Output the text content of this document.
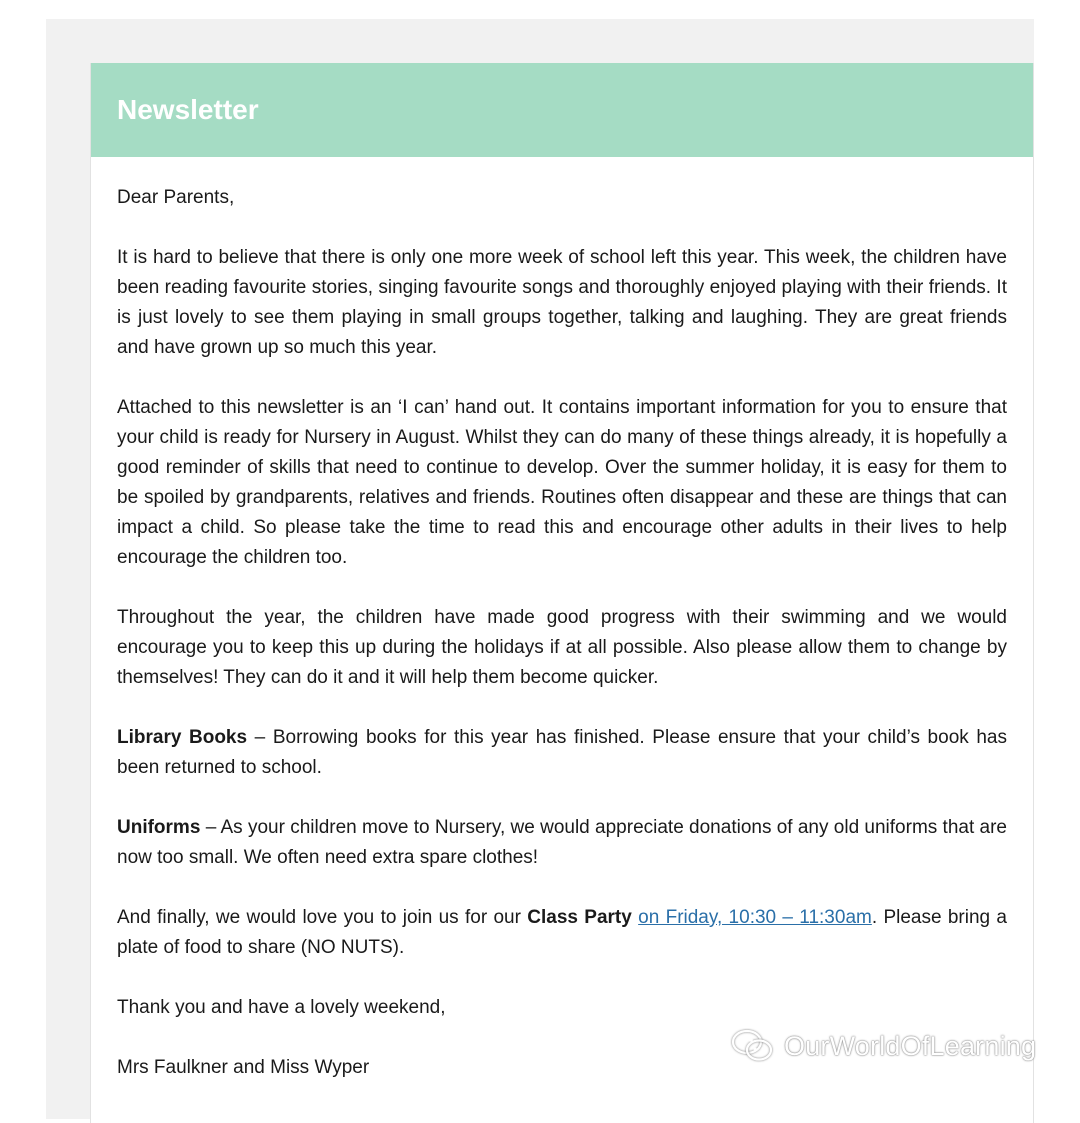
Newsletter

Dear Parents,

It is hard to believe that there is only one more week of school left this year. This week, the children have been reading favourite stories, singing favourite songs and thoroughly enjoyed playing with their friends. It is just lovely to see them playing in small groups together, talking and laughing. They are great friends and have grown up so much this year.

Attached to this newsletter is an ‘I can’ hand out. It contains important information for you to ensure that your child is ready for Nursery in August. Whilst they can do many of these things already, it is hopefully a good reminder of skills that need to continue to develop. Over the summer holiday, it is easy for them to be spoiled by grandparents, relatives and friends. Routines often disappear and these are things that can impact a child. So please take the time to read this and encourage other adults in their lives to help encourage the children too.

Throughout the year, the children have made good progress with their swimming and we would encourage you to keep this up during the holidays if at all possible. Also please allow them to change by themselves! They can do it and it will help them become quicker.

Library Books – Borrowing books for this year has finished. Please ensure that your child’s book has been returned to school.

Uniforms – As your children move to Nursery, we would appreciate donations of any old uniforms that are now too small. We often need extra spare clothes!

And finally, we would love you to join us for our Class Party on Friday, 10:30 – 11:30am. Please bring a plate of food to share (NO NUTS).

Thank you and have a lovely weekend,

Mrs Faulkner and Miss Wyper

OurWorldOfLearning
